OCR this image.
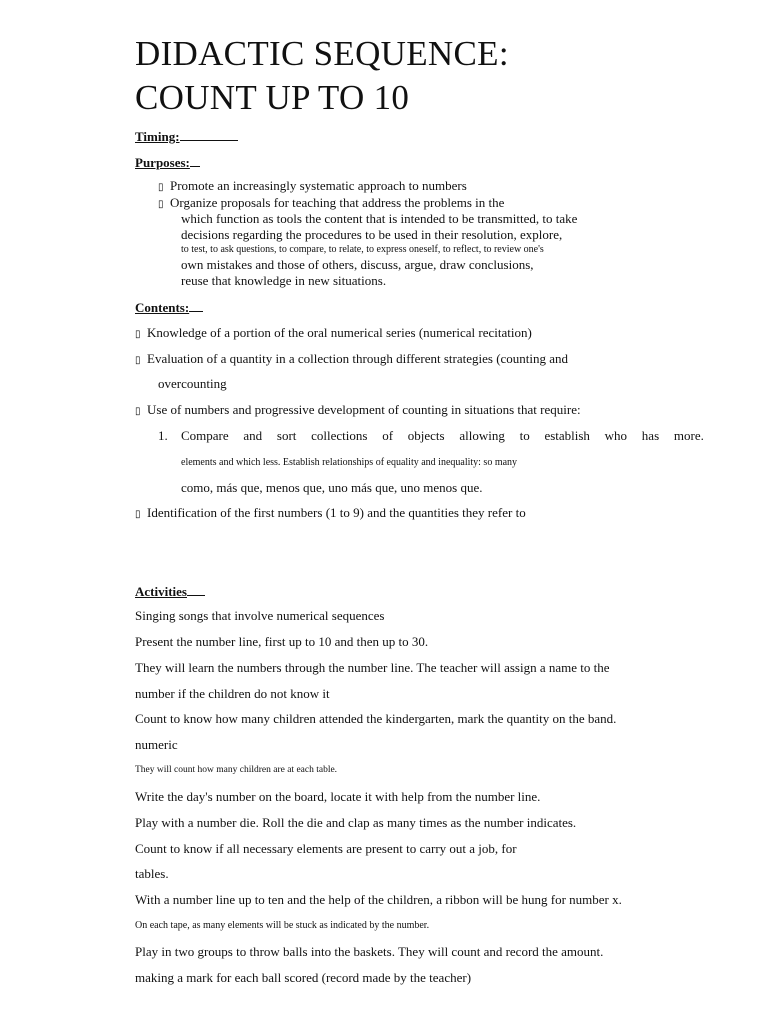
DIDACTIC SEQUENCE:
COUNT UP TO 10
Timing:
Purposes:
▯ Promote an increasingly systematic approach to numbers
▯ Organize proposals for teaching that address the problems in the
which function as tools the content that is intended to be transmitted, to take
decisions regarding the procedures to be used in their resolution, explore,
to test, to ask questions, to compare, to relate, to express oneself, to reflect, to review one's
own mistakes and those of others, discuss, argue, draw conclusions,
reuse that knowledge in new situations.
Contents:
▯ Knowledge of a portion of the oral numerical series (numerical recitation)
▯ Evaluation of a quantity in a collection through different strategies (counting and
overcounting
▯ Use of numbers and progressive development of counting in situations that require:
1. Compare and sort collections of objects allowing to establish who has more.
elements and which less. Establish relationships of equality and inequality: so many
como, más que, menos que, uno más que, uno menos que.
▯ Identification of the first numbers (1 to 9) and the quantities they refer to
Activities
Singing songs that involve numerical sequences
Present the number line, first up to 10 and then up to 30.
They will learn the numbers through the number line. The teacher will assign a name to the
number if the children do not know it
Count to know how many children attended the kindergarten, mark the quantity on the band.
numeric
They will count how many children are at each table.
Write the day's number on the board, locate it with help from the number line.
Play with a number die. Roll the die and clap as many times as the number indicates.
Count to know if all necessary elements are present to carry out a job, for
tables.
With a number line up to ten and the help of the children, a ribbon will be hung for number x.
On each tape, as many elements will be stuck as indicated by the number.
Play in two groups to throw balls into the baskets. They will count and record the amount.
making a mark for each ball scored (record made by the teacher)
